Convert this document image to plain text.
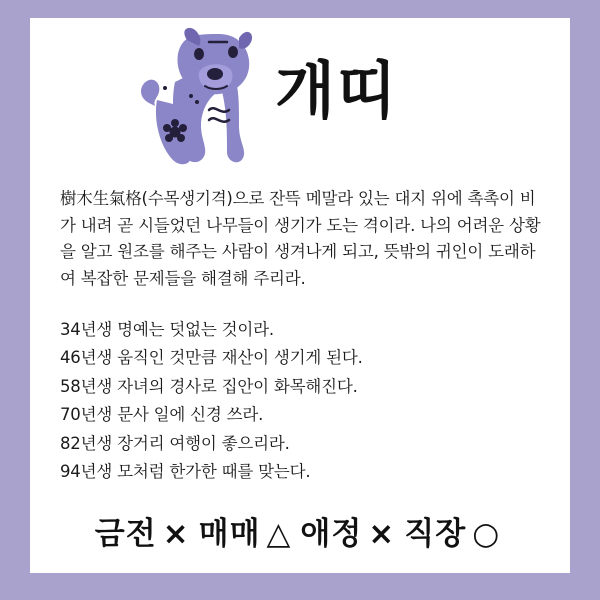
개띠

樹木生氣格(수목생기격)으로 잔뜩 메말라 있는 대지 위에 촉촉이 비가 내려 곧 시들었던 나무들이 생기가 도는 격이라. 나의 어려운 상황을 알고 원조를 해주는 사람이 생겨나게 되고, 뜻밖의 귀인이 도래하여 복잡한 문제들을 해결해 주리라.

34년생 명예는 덧없는 것이라.
46년생 움직인 것만큼 재산이 생기게 된다.
58년생 자녀의 경사로 집안이 화목해진다.
70년생 문사 일에 신경 쓰라.
82년생 장거리 여행이 좋으리라.
94년생 모처럼 한가한 때를 맞는다.
금전 × 매매 △ 애정 × 직장 ○
